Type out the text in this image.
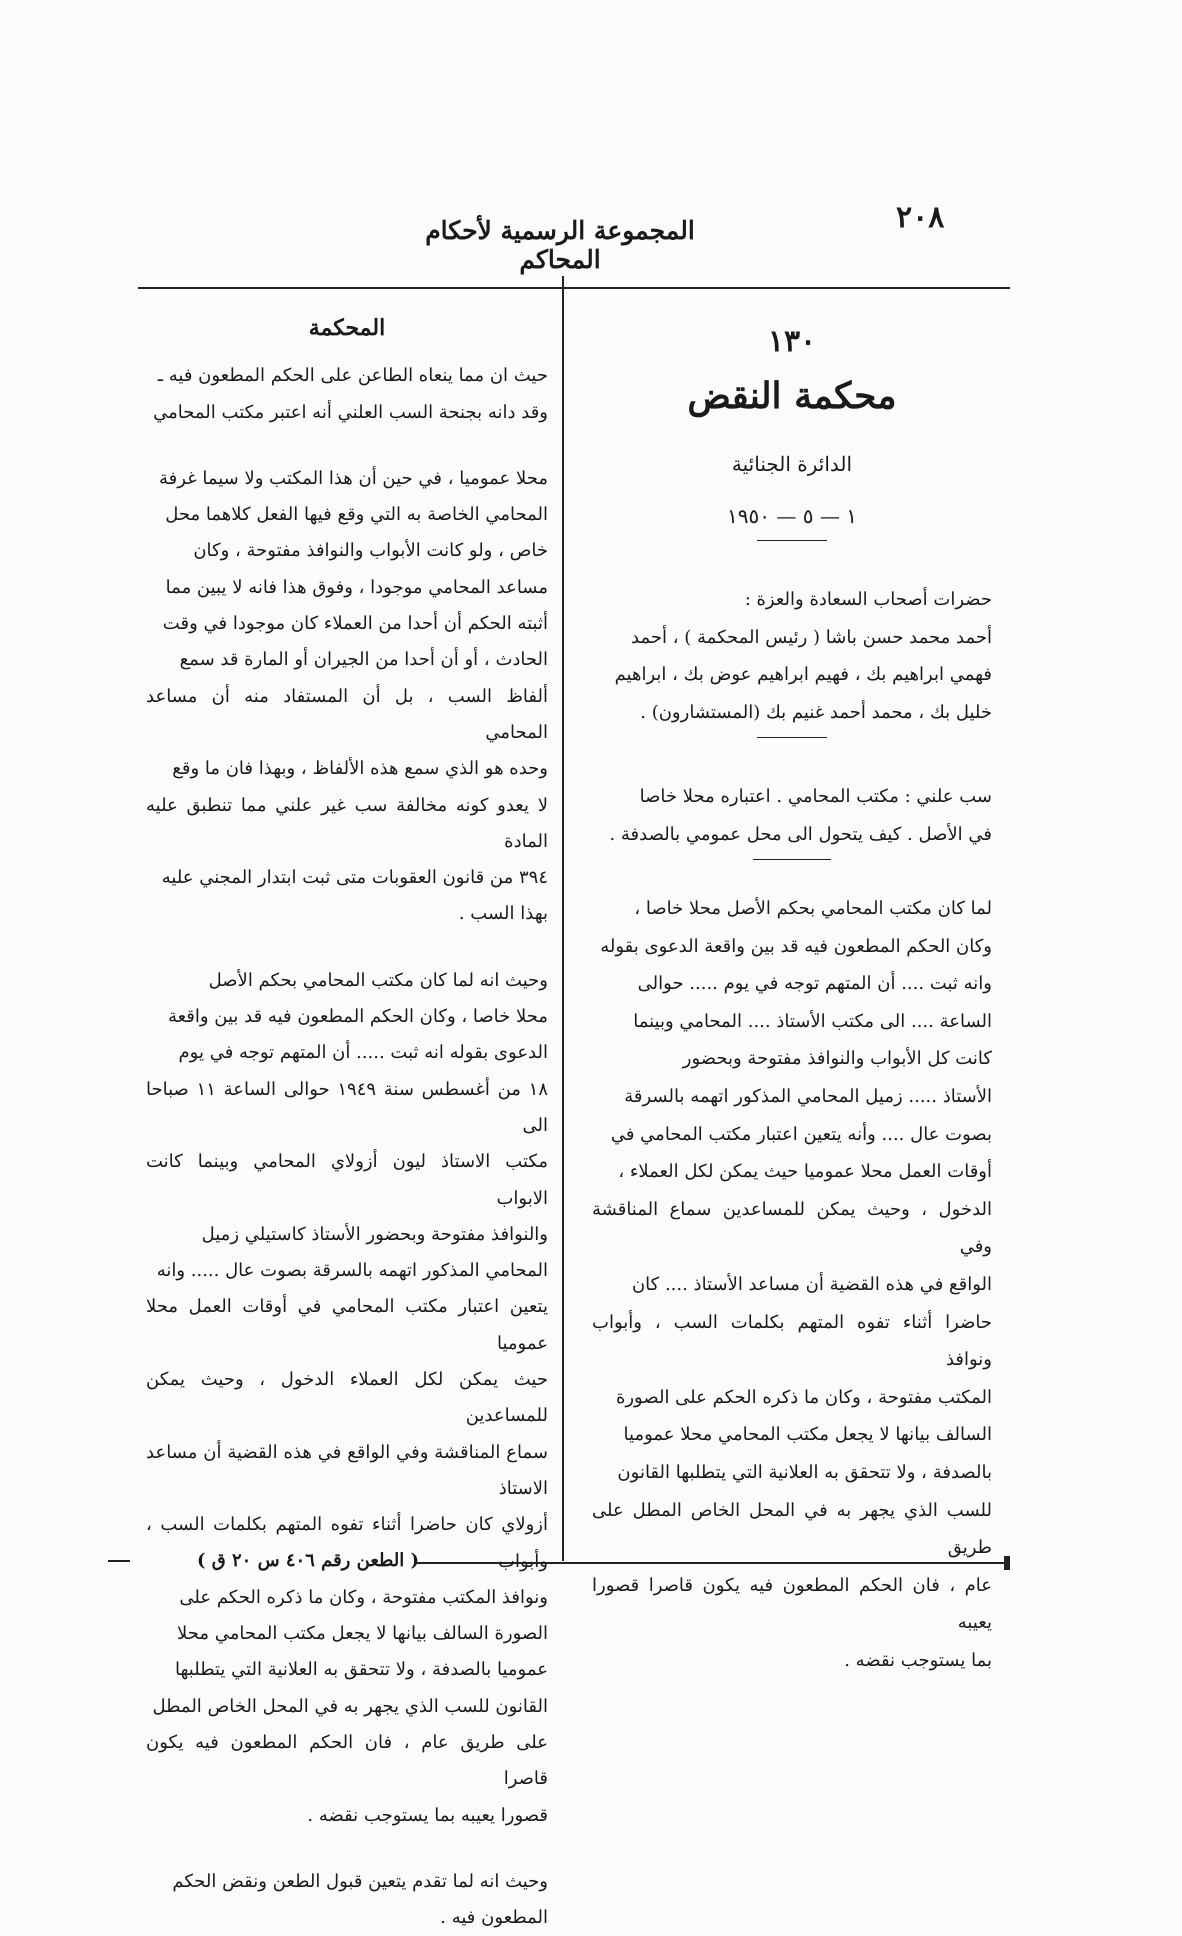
٢٠٨
المجموعة الرسمية لأحكام المحاكم
١٣٠
محكمة النقض
الدائرة الجنائية
١ — ٥ — ١٩٥٠

حضرات أصحاب السعادة والعزة :

أحمد محمد حسن باشا ( رئيس المحكمة ) ، أحمد

فهمي ابراهيم بك ، فهيم ابراهيم عوض بك ، ابراهيم

خليل بك ، محمد أحمد غنيم بك (المستشارون) .

سب علني : مكتب المحامي . اعتباره محلا خاصا

في الأصل . كيف يتحول الى محل عمومي بالصدفة .

لما كان مكتب المحامي بحكم الأصل محلا خاصا ،

وكان الحكم المطعون فيه قد بين واقعة الدعوى بقوله

وانه ثبت .... أن المتهم توجه في يوم ..... حوالى

الساعة .... الى مكتب الأستاذ .... المحامي وبينما

كانت كل الأبواب والنوافذ مفتوحة وبحضور

الأستاذ ..... زميل المحامي المذكور اتهمه بالسرقة

بصوت عال .... وأنه يتعين اعتبار مكتب المحامي في

أوقات العمل محلا عموميا حيث يمكن لكل العملاء ،

الدخول ، وحيث يمكن للمساعدين سماع المناقشة وفي

الواقع في هذه القضية أن مساعد الأستاذ .... كان

حاضرا أثناء تفوه المتهم بكلمات السب ، وأبواب ونوافذ

المكتب مفتوحة ، وكان ما ذكره الحكم على الصورة

السالف بيانها لا يجعل مكتب المحامي محلا عموميا

بالصدفة ، ولا تتحقق به العلانية التي يتطلبها القانون

للسب الذي يجهر به في المحل الخاص المطل على طريق

عام ، فان الحكم المطعون فيه يكون قاصرا قصورا يعيبه

بما يستوجب نقضه .

المحكمة

حيث ان مما ينعاه الطاعن على الحكم المطعون فيه ـ

وقد دانه بجنحة السب العلني أنه اعتبر مكتب المحامي

محلا عموميا ، في حين أن هذا المكتب ولا سيما غرفة

المحامي الخاصة به التي وقع فيها الفعل كلاهما محل

خاص ، ولو كانت الأبواب والنوافذ مفتوحة ، وكان

مساعد المحامي موجودا ، وفوق هذا فانه لا يبين مما

أثبته الحكم أن أحدا من العملاء كان موجودا في وقت

الحادث ، أو أن أحدا من الجيران أو المارة قد سمع

ألفاظ السب ، بل أن المستفاد منه أن مساعد المحامي

وحده هو الذي سمع هذه الألفاظ ، وبهذا فان ما وقع

لا يعدو كونه مخالفة سب غير علني مما تنطبق عليه المادة

٣٩٤ من قانون العقوبات متى ثبت ابتدار المجني عليه

بهذا السب .

وحيث انه لما كان مكتب المحامي بحكم الأصل

محلا خاصا ، وكان الحكم المطعون فيه قد بين واقعة

الدعوى بقوله انه ثبت ..... أن المتهم توجه في يوم

١٨ من أغسطس سنة ١٩٤٩ حوالى الساعة ١١ صباحا الى

مكتب الاستاذ ليون أزولاي المحامي وبينما كانت الابواب

والنوافذ مفتوحة وبحضور الأستاذ كاستيلي زميل

المحامي المذكور اتهمه بالسرقة بصوت عال ..... وانه

يتعين اعتبار مكتب المحامي في أوقات العمل محلا عموميا

حيث يمكن لكل العملاء الدخول ، وحيث يمكن للمساعدين

سماع المناقشة وفي الواقع في هذه القضية أن مساعد الاستاذ

أزولاي كان حاضرا أثناء تفوه المتهم بكلمات السب ، وأبواب

ونوافذ المكتب مفتوحة ، وكان ما ذكره الحكم على

الصورة السالف بيانها لا يجعل مكتب المحامي محلا

عموميا بالصدفة ، ولا تتحقق به العلانية التي يتطلبها

القانون للسب الذي يجهر به في المحل الخاص المطل

على طريق عام ، فان الحكم المطعون فيه يكون قاصرا

قصورا يعيبه بما يستوجب نقضه .

وحيث انه لما تقدم يتعين قبول الطعن ونقض الحكم

المطعون فيه .

( الطعن رقم ٤٠٦ س ٢٠ ق )
